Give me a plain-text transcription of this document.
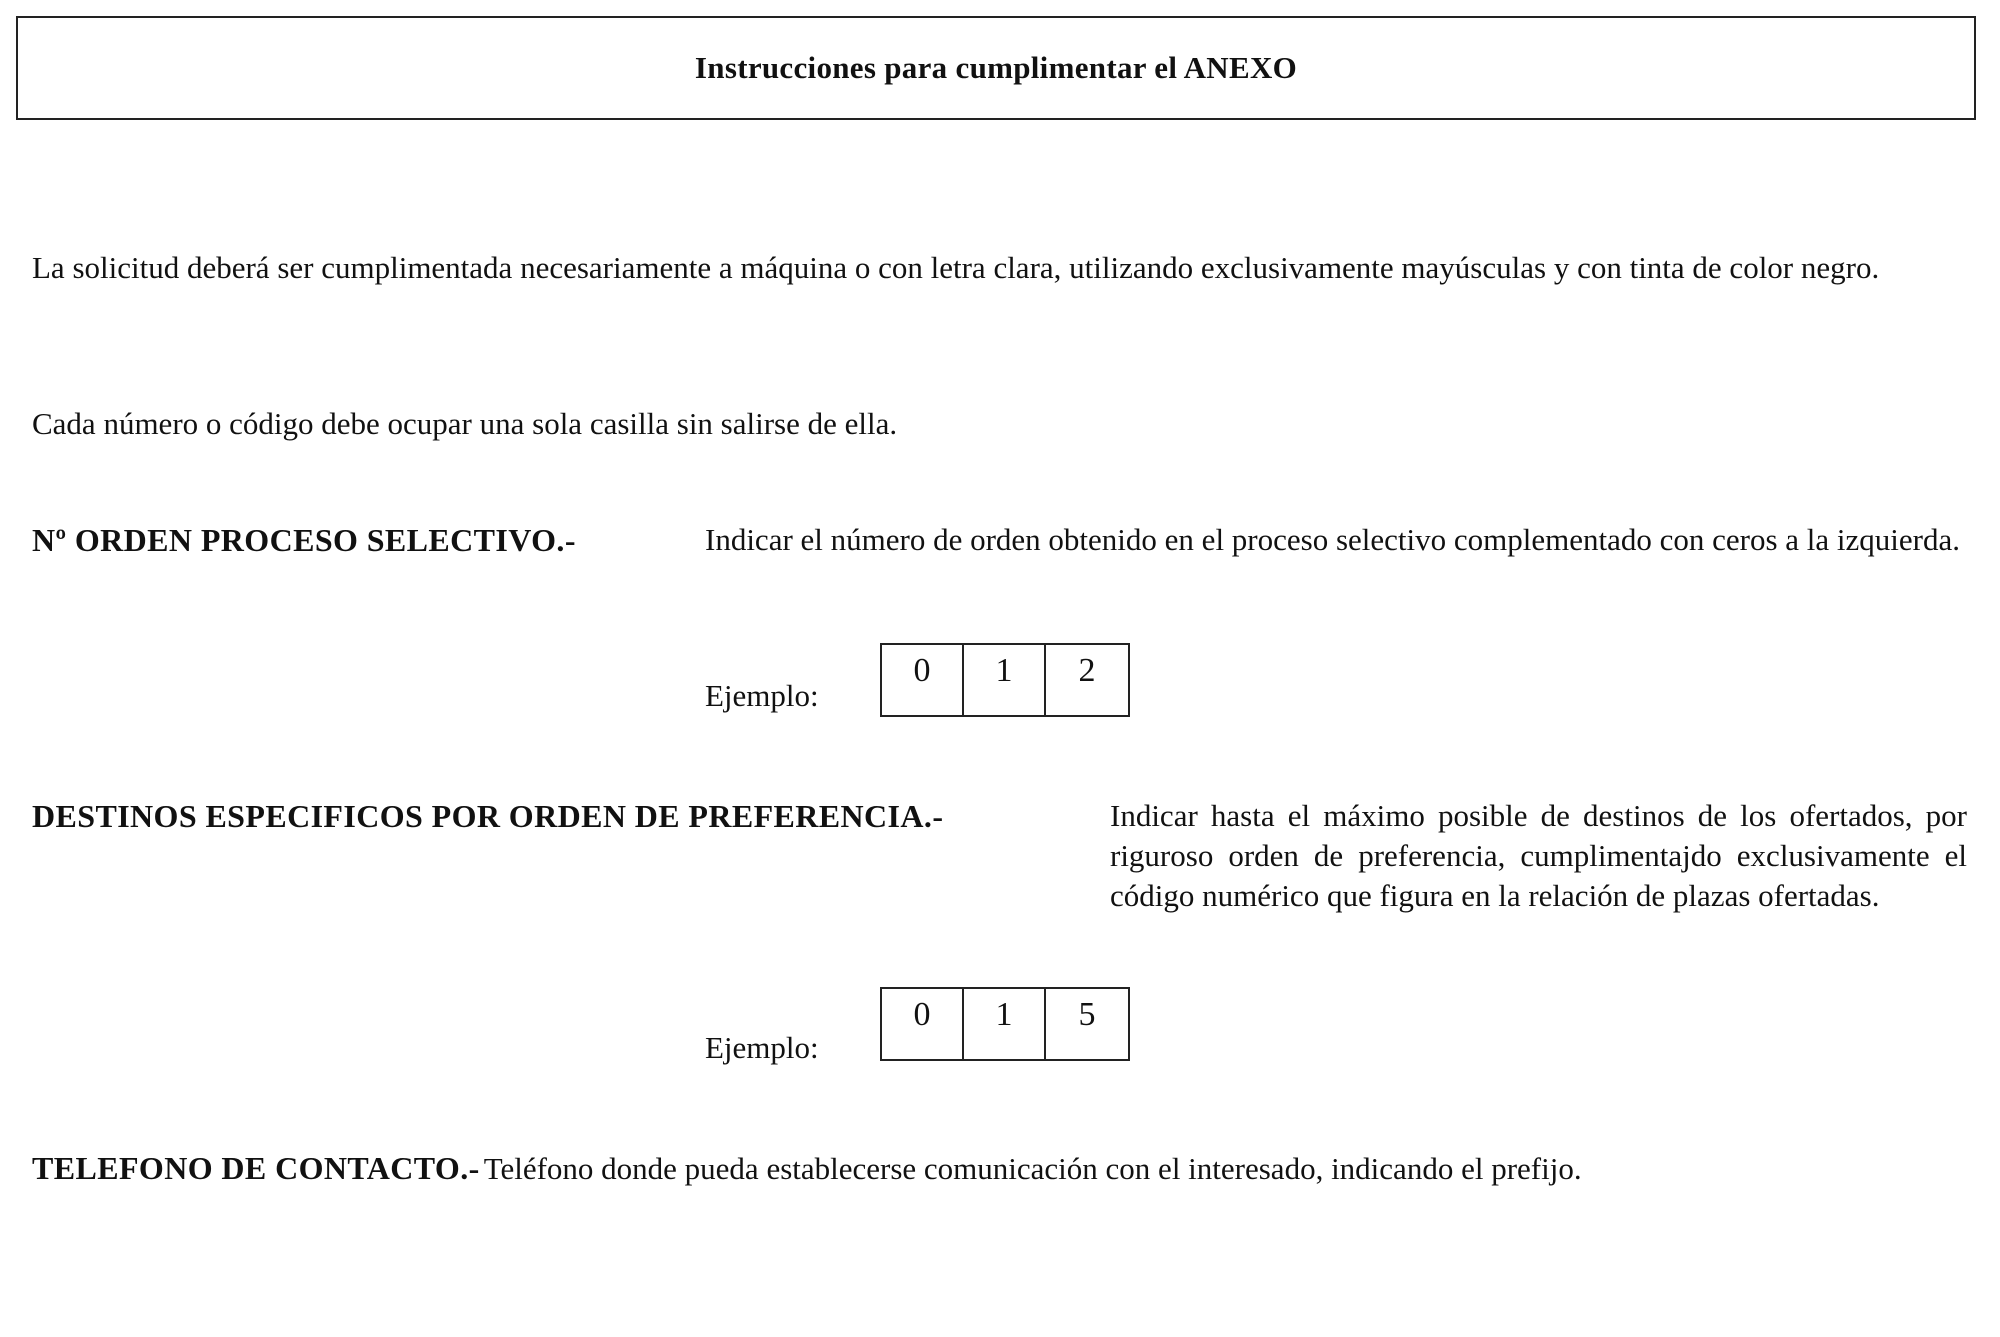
Instrucciones para cumplimentar el ANEXO

La solicitud deberá ser cumplimentada necesariamente a máquina o con letra clara, utilizando exclusivamente mayúsculas y con tinta de color negro.

Cada número o código debe ocupar una sola casilla sin salirse de ella.

Nº ORDEN PROCESO SELECTIVO.-	Indicar el número de orden obtenido en el proceso selectivo complementado con ceros a la izquierda.

Ejemplo:
0	1	2
DESTINOS ESPECIFICOS POR ORDEN DE PREFERENCIA.-	Indicar hasta el máximo posible de destinos de los ofertados, por riguroso orden de preferencia, cumplimentajdo exclusivamente el código numérico que figura en la relación de plazas ofertadas.

Ejemplo:
0	1	5
TELEFONO DE CONTACTO.- Teléfono donde pueda establecerse comunicación con el interesado, indicando el prefijo.
